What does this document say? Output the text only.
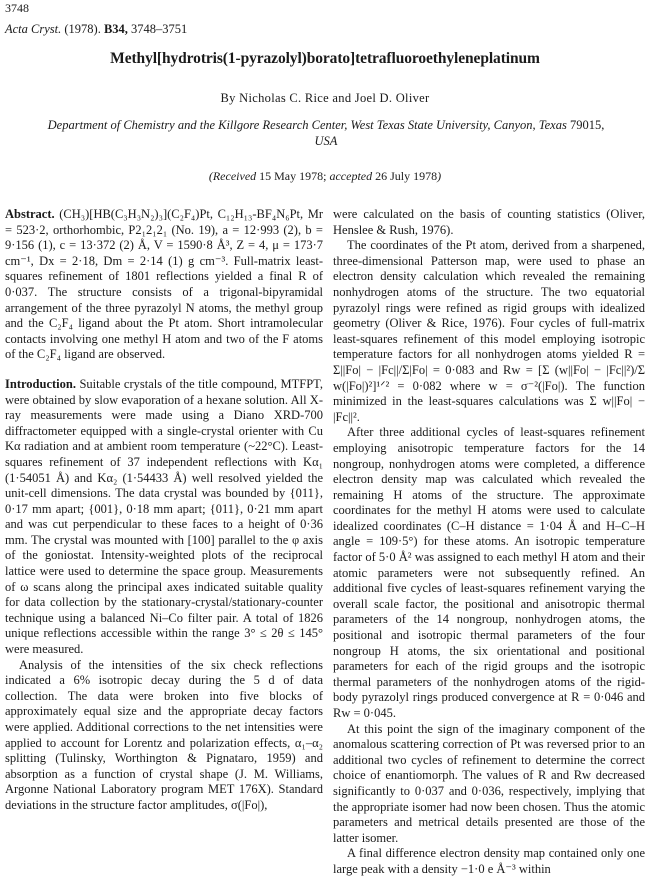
3748
Acta Cryst. (1978). B34, 3748–3751
Methyl[hydrotris(1-pyrazolyl)borato]tetrafluoroethyleneplatinum
By Nicholas C. Rice and Joel D. Oliver
Department of Chemistry and the Killgore Research Center, West Texas State University, Canyon, Texas 79015,
USA
(Received 15 May 1978; accepted 26 July 1978)

Abstract. (CH₃)[HB(C₃H₃N₂)₃](C₂F₄)Pt, C₁₂H₁₃-BF₄N₆Pt, Mr = 523·2, orthorhombic, P2₁2₁2₁ (No. 19), a = 12·993 (2), b = 9·156 (1), c = 13·372 (2) Å, V = 1590·8 Å³, Z = 4, μ = 173·7 cm⁻¹, Dx = 2·18, Dm = 2·14 (1) g cm⁻³. Full-matrix least-squares refinement of 1801 reflections yielded a final R of 0·037. The structure consists of a trigonal-bipyramidal arrangement of the three pyrazolyl N atoms, the methyl group and the C₂F₄ ligand about the Pt atom. Short intramolecular contacts involving one methyl H atom and two of the F atoms of the C₂F₄ ligand are observed.

Introduction. Suitable crystals of the title compound, MTFPT, were obtained by slow evaporation of a hexane solution. All X-ray measurements were made using a Diano XRD-700 diffractometer equipped with a single-crystal orienter with Cu Kα radiation and at ambient room temperature (~22°C). Least-squares refinement of 37 independent reflections with Kα₁ (1·54051 Å) and Kα₂ (1·54433 Å) well resolved yielded the unit-cell dimensions. The data crystal was bounded by {011}, 0·17 mm apart; {001}, 0·18 mm apart; {011}, 0·21 mm apart and was cut perpendicular to these faces to a height of 0·36 mm. The crystal was mounted with [100] parallel to the φ axis of the goniostat. Intensity-weighted plots of the reciprocal lattice were used to determine the space group. Measurements of ω scans along the principal axes indicated suitable quality for data collection by the stationary-crystal/stationary-counter technique using a balanced Ni–Co filter pair. A total of 1826 unique reflections accessible within the range 3° ≤ 2θ ≤ 145° were measured.

Analysis of the intensities of the six check reflections indicated a 6% isotropic decay during the 5 d of data collection. The data were broken into five blocks of approximately equal size and the appropriate decay factors were applied. Additional corrections to the net intensities were applied to account for Lorentz and polarization effects, α₁–α₂ splitting (Tulinsky, Worthington & Pignataro, 1959) and absorption as a function of crystal shape (J. M. Williams, Argonne National Laboratory program MET 176X). Standard deviations in the structure factor amplitudes, σ(|Fo|),

were calculated on the basis of counting statistics (Oliver, Henslee & Rush, 1976).

The coordinates of the Pt atom, derived from a sharpened, three-dimensional Patterson map, were used to phase an electron density calculation which revealed the remaining nonhydrogen atoms of the structure. The two equatorial pyrazolyl rings were refined as rigid groups with idealized geometry (Oliver & Rice, 1976). Four cycles of full-matrix least-squares refinement of this model employing isotropic temperature factors for all nonhydrogen atoms yielded R = Σ||Fo| − |Fc||/Σ|Fo| = 0·083 and Rw = [Σ (w||Fo| − |Fc||²)/Σ w(|Fo|)²]¹ᐟ² = 0·082 where w = σ⁻²(|Fo|). The function minimized in the least-squares calculations was Σ w||Fo| − |Fc||².

After three additional cycles of least-squares refinement employing anisotropic temperature factors for the 14 nongroup, nonhydrogen atoms were completed, a difference electron density map was calculated which revealed the remaining H atoms of the structure. The approximate coordinates for the methyl H atoms were used to calculate idealized coordinates (C–H distance = 1·04 Å and H–C–H angle = 109·5°) for these atoms. An isotropic temperature factor of 5·0 Å² was assigned to each methyl H atom and their atomic parameters were not subsequently refined. An additional five cycles of least-squares refinement varying the overall scale factor, the positional and anisotropic thermal parameters of the 14 nongroup, nonhydrogen atoms, the positional and isotropic thermal parameters of the four nongroup H atoms, the six orientational and positional parameters for each of the rigid groups and the isotropic thermal parameters of the nonhydrogen atoms of the rigid-body pyrazolyl rings produced convergence at R = 0·046 and Rw = 0·045.

At this point the sign of the imaginary component of the anomalous scattering correction of Pt was reversed prior to an additional two cycles of refinement to determine the correct choice of enantiomorph. The values of R and Rw decreased significantly to 0·037 and 0·036, respectively, implying that the appropriate isomer had now been chosen. Thus the atomic parameters and metrical details presented are those of the latter isomer.

A final difference electron density map contained only one large peak with a density −1·0 e Å⁻³ within
